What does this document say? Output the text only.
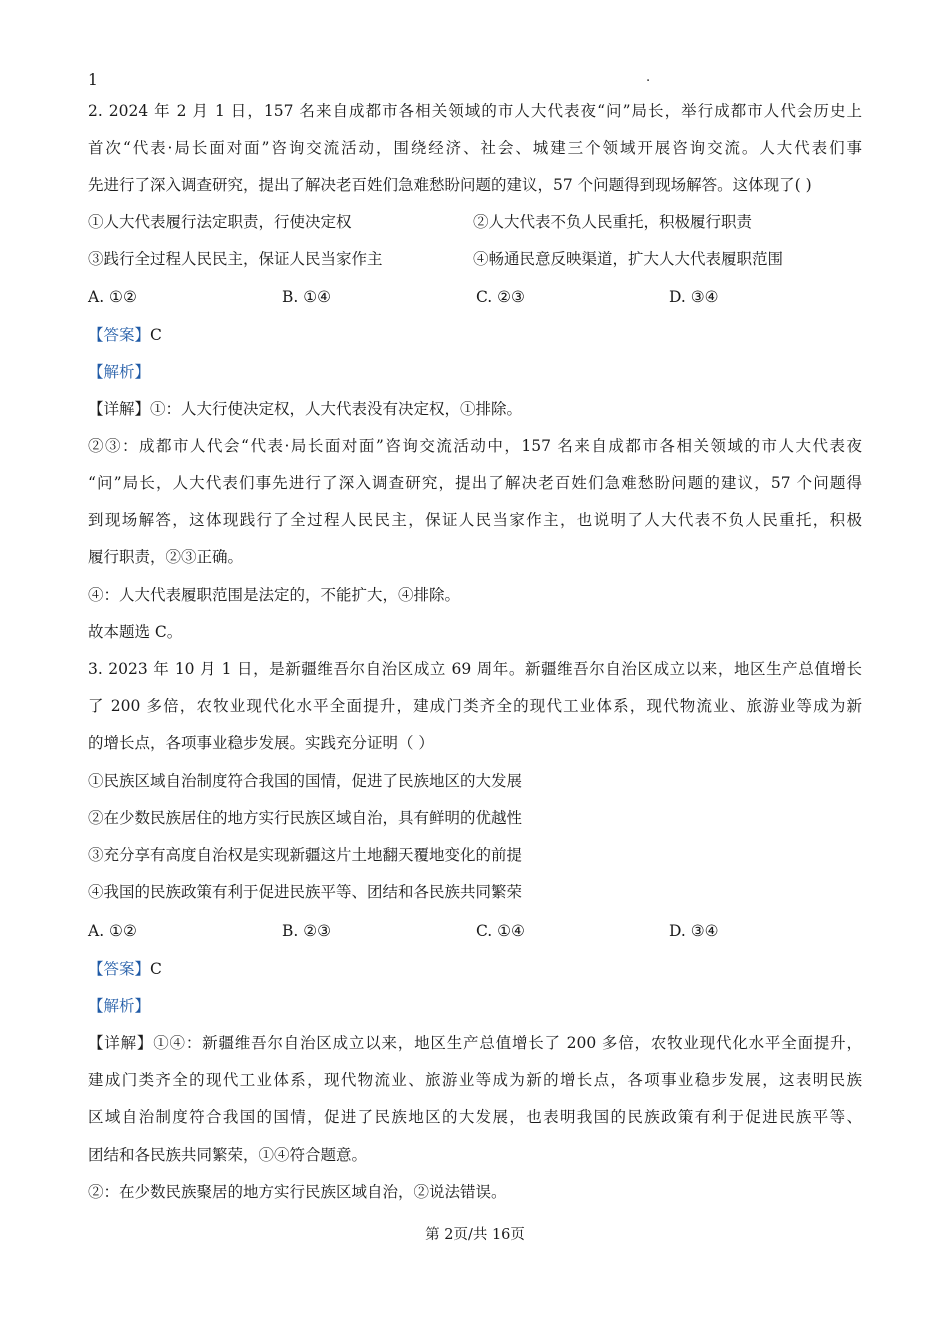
1	.
2. 2024 年 2 月 1 日，157 名来自成都市各相关领域的市人大代表夜“问”局长，举行成都市人代会历史上
首次“代表·局长面对面”咨询交流活动，围绕经济、社会、城建三个领域开展咨询交流。人大代表们事
先进行了深入调查研究，提出了解决老百姓们急难愁盼问题的建议，57 个问题得到现场解答。这体现了( )
①人大代表履行法定职责，行使决定权	②人大代表不负人民重托，积极履行职责
③践行全过程人民民主，保证人民当家作主	④畅通民意反映渠道，扩大人大代表履职范围
A. ①②	B. ①④	C. ②③	D. ③④
【答案】C
【解析】
【详解】①：人大行使决定权，人大代表没有决定权，①排除。
②③：成都市人代会“代表·局长面对面”咨询交流活动中，157 名来自成都市各相关领域的市人大代表夜
“问”局长，人大代表们事先进行了深入调查研究，提出了解决老百姓们急难愁盼问题的建议，57 个问题得
到现场解答，这体现践行了全过程人民民主，保证人民当家作主，也说明了人大代表不负人民重托，积极
履行职责，②③正确。
④：人大代表履职范围是法定的，不能扩大，④排除。
故本题选 C。
3. 2023 年 10 月 1 日，是新疆维吾尔自治区成立 69 周年。新疆维吾尔自治区成立以来，地区生产总值增长
了 200 多倍，农牧业现代化水平全面提升，建成门类齐全的现代工业体系，现代物流业、旅游业等成为新
的增长点，各项事业稳步发展。实践充分证明（ ）
①民族区域自治制度符合我国的国情，促进了民族地区的大发展
②在少数民族居住的地方实行民族区域自治，具有鲜明的优越性
③充分享有高度自治权是实现新疆这片土地翻天覆地变化的前提
④我国的民族政策有利于促进民族平等、团结和各民族共同繁荣
A. ①②	B. ②③	C. ①④	D. ③④
【答案】C
【解析】
【详解】①④：新疆维吾尔自治区成立以来，地区生产总值增长了 200 多倍，农牧业现代化水平全面提升，
建成门类齐全的现代工业体系，现代物流业、旅游业等成为新的增长点，各项事业稳步发展，这表明民族
区域自治制度符合我国的国情，促进了民族地区的大发展，也表明我国的民族政策有利于促进民族平等、
团结和各民族共同繁荣，①④符合题意。
②：在少数民族聚居的地方实行民族区域自治，②说法错误。
第 2页/共 16页
